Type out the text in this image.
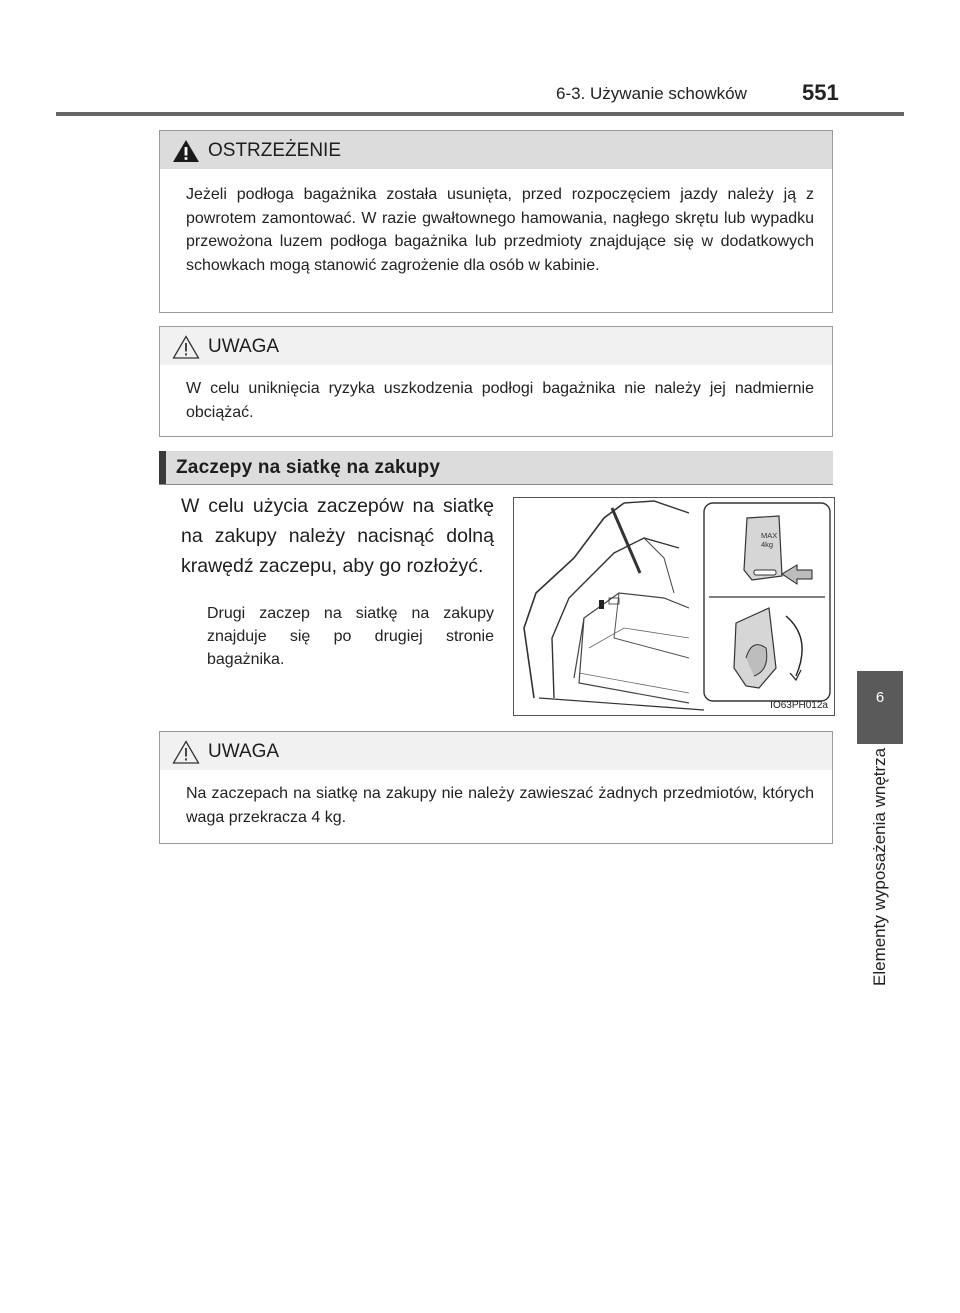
6-3. Używanie schowków	551
6
Elementy wyposażenia wnętrza
OSTRZEŻENIE
Jeżeli podłoga bagażnika została usunięta, przed rozpoczęciem jazdy należy ją z powrotem zamontować. W razie gwałtownego hamowania, nagłego skrętu lub wypadku przewożona luzem podłoga bagażnika lub przedmioty znajdujące się w dodatkowych schowkach mogą stanowić zagrożenie dla osób w kabinie.
UWAGA
W celu uniknięcia ryzyka uszkodzenia podłogi bagażnika nie należy jej nadmiernie obciążać.
Zaczepy na siatkę na zakupy
W celu użycia zaczepów na siatkę na zakupy należy nacisnąć dolną krawędź zaczepu, aby go rozłożyć.
Drugi zaczep na siatkę na zakupy znajduje się po drugiej stronie bagażnika.
MAX
4kg
IO63PH012a
UWAGA
Na zaczepach na siatkę na zakupy nie należy zawieszać żadnych przedmiotów, których waga przekracza 4 kg.
